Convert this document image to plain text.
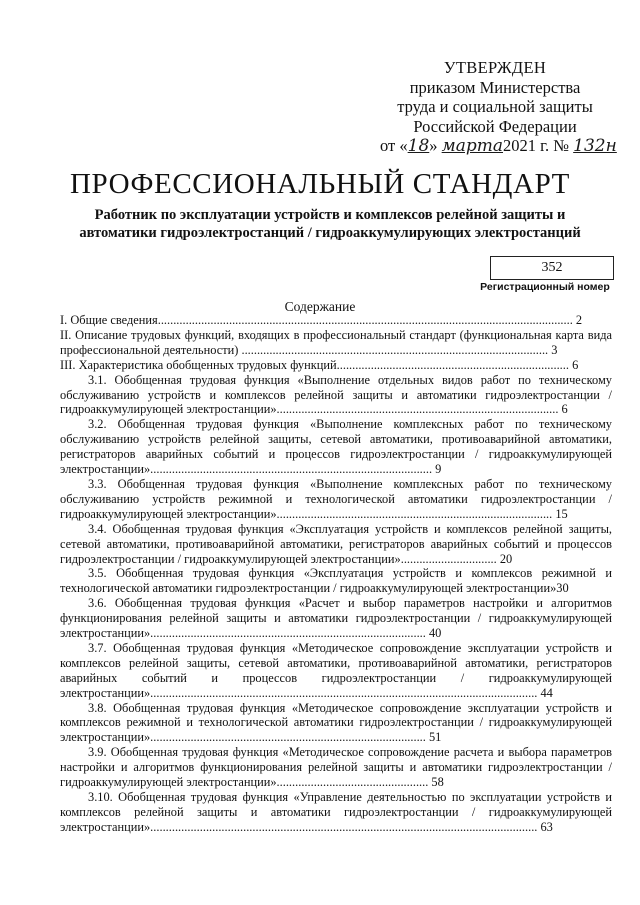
УТВЕРЖДЕН
приказом Министерства
труда и социальной защиты
Российской Федерации
от «18» марта2021 г. № 132н
ПРОФЕССИОНАЛЬНЫЙ СТАНДАРТ
Работник по эксплуатации устройств и комплексов релейной защиты и автоматики гидроэлектростанций / гидроаккумулирующих электростанций
352
Регистрационный номер
Содержание

I. Общие сведения...................................................................................................................................... 2

II. Описание трудовых функций, входящих в профессиональный стандарт (функциональная карта вида профессиональной деятельности) ................................................................................................... 3

III. Характеристика обобщенных трудовых функций........................................................................... 6

3.1. Обобщенная трудовая функция «Выполнение отдельных видов работ по техническому обслуживанию устройств и комплексов релейной защиты и автоматики гидроэлектростанции / гидроаккумулирующей электростанции»........................................................................................... 6

3.2. Обобщенная трудовая функция «Выполнение комплексных работ по техническому обслуживанию устройств релейной защиты, сетевой автоматики, противоаварийной автоматики, регистраторов аварийных событий и процессов гидроэлектростанции / гидроаккумулирующей электростанции»........................................................................................... 9

3.3. Обобщенная трудовая функция «Выполнение комплексных работ по техническому обслуживанию устройств режимной и технологической автоматики гидроэлектростанции / гидроаккумулирующей электростанции»......................................................................................... 15

3.4. Обобщенная трудовая функция «Эксплуатация устройств и комплексов релейной защиты, сетевой автоматики, противоаварийной автоматики, регистраторов аварийных событий и процессов гидроэлектростанции / гидроаккумулирующей электростанции»............................... 20

3.5. Обобщенная трудовая функция «Эксплуатация устройств и комплексов режимной и технологической автоматики гидроэлектростанции / гидроаккумулирующей электростанции»30

3.6. Обобщенная трудовая функция «Расчет и выбор параметров настройки и алгоритмов функционирования релейной защиты и автоматики гидроэлектростанции / гидроаккумулирующей электростанции»......................................................................................... 40

3.7. Обобщенная трудовая функция «Методическое сопровождение эксплуатации устройств и комплексов релейной защиты, сетевой автоматики, противоаварийной автоматики, регистраторов аварийных событий и процессов гидроэлектростанции / гидроаккумулирующей электростанции»............................................................................................................................. 44

3.8. Обобщенная трудовая функция «Методическое сопровождение эксплуатации устройств и комплексов режимной и технологической автоматики гидроэлектростанции / гидроаккумулирующей электростанции»......................................................................................... 51

3.9. Обобщенная трудовая функция «Методическое сопровождение расчета и выбора параметров настройки и алгоритмов функционирования релейной защиты и автоматики гидроэлектростанции / гидроаккумулирующей электростанции»................................................. 58

3.10. Обобщенная трудовая функция «Управление деятельностью по эксплуатации устройств и комплексов релейной защиты и автоматики гидроэлектростанции / гидроаккумулирующей электростанции»............................................................................................................................. 63
